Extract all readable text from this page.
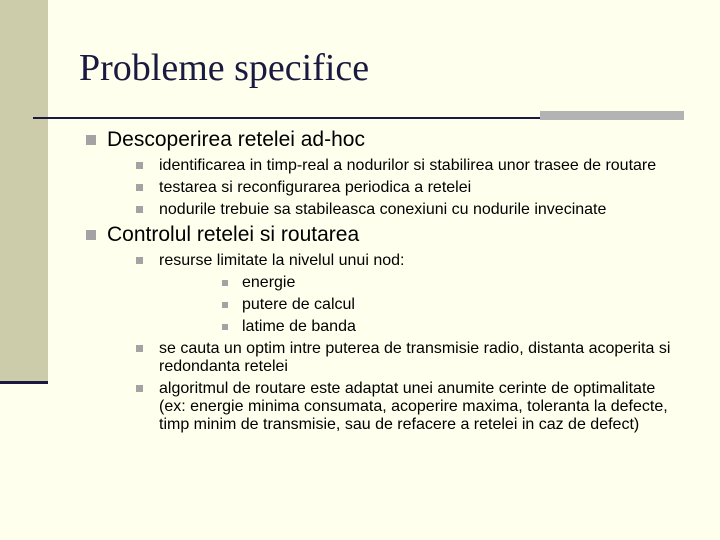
Probleme specifice
Descoperirea retelei ad-hoc
identificarea in timp-real a nodurilor si stabilirea unor trasee de routare
testarea si reconfigurarea periodica a retelei
nodurile trebuie sa stabileasca conexiuni cu nodurile invecinate
Controlul retelei si routarea
resurse limitate la nivelul unui nod:
energie
putere de calcul
latime de banda
se cauta un optim intre puterea de transmisie radio, distanta acoperita si redondanta retelei
algoritmul de routare este adaptat unei anumite cerinte de optimalitate (ex: energie minima consumata, acoperire maxima, toleranta la defecte, timp minim de transmisie, sau de refacere a retelei in caz de defect)
